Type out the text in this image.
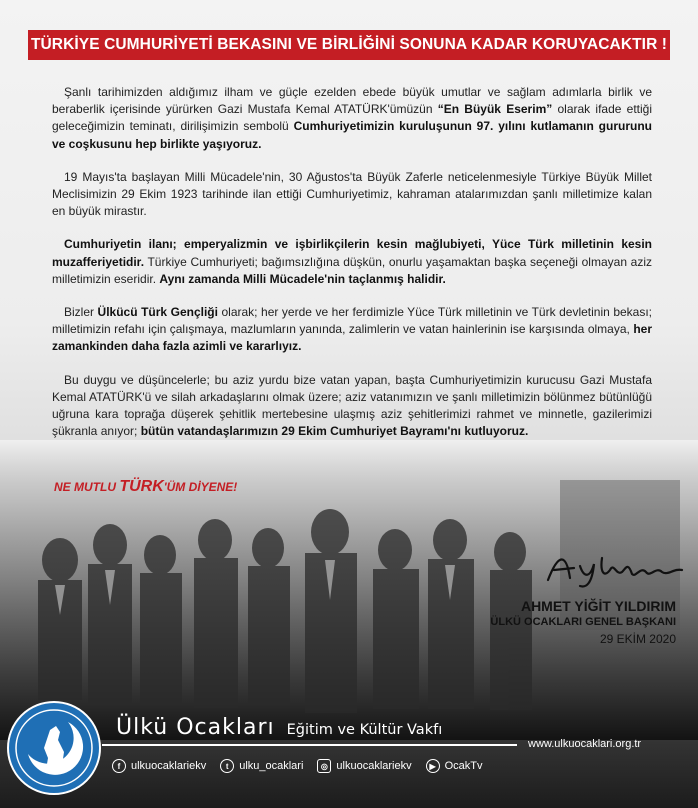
TÜRKİYE CUMHURİYETİ BEKASINI VE BİRLİĞİNİ SONUNA KADAR KORUYACAKTIR !

Şanlı tarihimizden aldığımız ilham ve güçle ezelden ebede büyük umutlar ve sağlam adımlarla birlik ve beraberlik içerisinde yürürken Gazi Mustafa Kemal ATATÜRK'ümüzün “En Büyük Eserim” olarak ifade ettiği geleceğimizin teminatı, dirilişimizin sembolü Cumhuriyetimizin kuruluşunun 97. yılını kutlamanın gururunu ve coşkusunu hep birlikte yaşıyoruz.

19 Mayıs'ta başlayan Milli Mücadele'nin, 30 Ağustos'ta Büyük Zaferle neticelenmesiyle Türkiye Büyük Millet Meclisimizin 29 Ekim 1923 tarihinde ilan ettiği Cumhuriyetimiz, kahraman atalarımızdan şanlı milletimize kalan en büyük mirastır.

Cumhuriyetin ilanı; emperyalizmin ve işbirlikçilerin kesin mağlubiyeti, Yüce Türk milletinin kesin muzafferiyetidir. Türkiye Cumhuriyeti; bağımsızlığına düşkün, onurlu yaşamaktan başka seçeneği olmayan aziz milletimizin eseridir. Aynı zamanda Milli Mücadele'nin taçlanmış halidir.

Bizler Ülkücü Türk Gençliği olarak; her yerde ve her ferdimizle Yüce Türk milletinin ve Türk devletinin bekası; milletimizin refahı için çalışmaya, mazlumların yanında, zalimlerin ve vatan hainlerinin ise karşısında olmaya, her zamankinden daha fazla azimli ve kararlıyız.

Bu duygu ve düşüncelerle; bu aziz yurdu bize vatan yapan, başta Cumhuriyetimizin kurucusu Gazi Mustafa Kemal ATATÜRK'ü ve silah arkadaşlarını olmak üzere; aziz vatanımızın ve şanlı milletimizin bölünmez bütünlüğü uğruna kara toprağa düşerek şehitlik mertebesine ulaşmış aziz şehitlerimizi rahmet ve minnetle, gazilerimizi şükranla anıyor; bütün vatandaşlarımızın 29 Ekim Cumhuriyet Bayramı'nı kutluyoruz.

NE MUTLU TÜRK'ÜM DİYENE!
AHMET YİĞİT YILDIRIM
ÜLKÜ OCAKLARI GENEL BAŞKANI
29 EKİM 2020
Ülkü Ocakları Eğitim ve Kültür Vakfı
www.ulkuocaklari.org.tr
f ulkuocaklariekv	t ulku_ocaklari	◎ ulkuocaklariekv	▶ OcakTv
